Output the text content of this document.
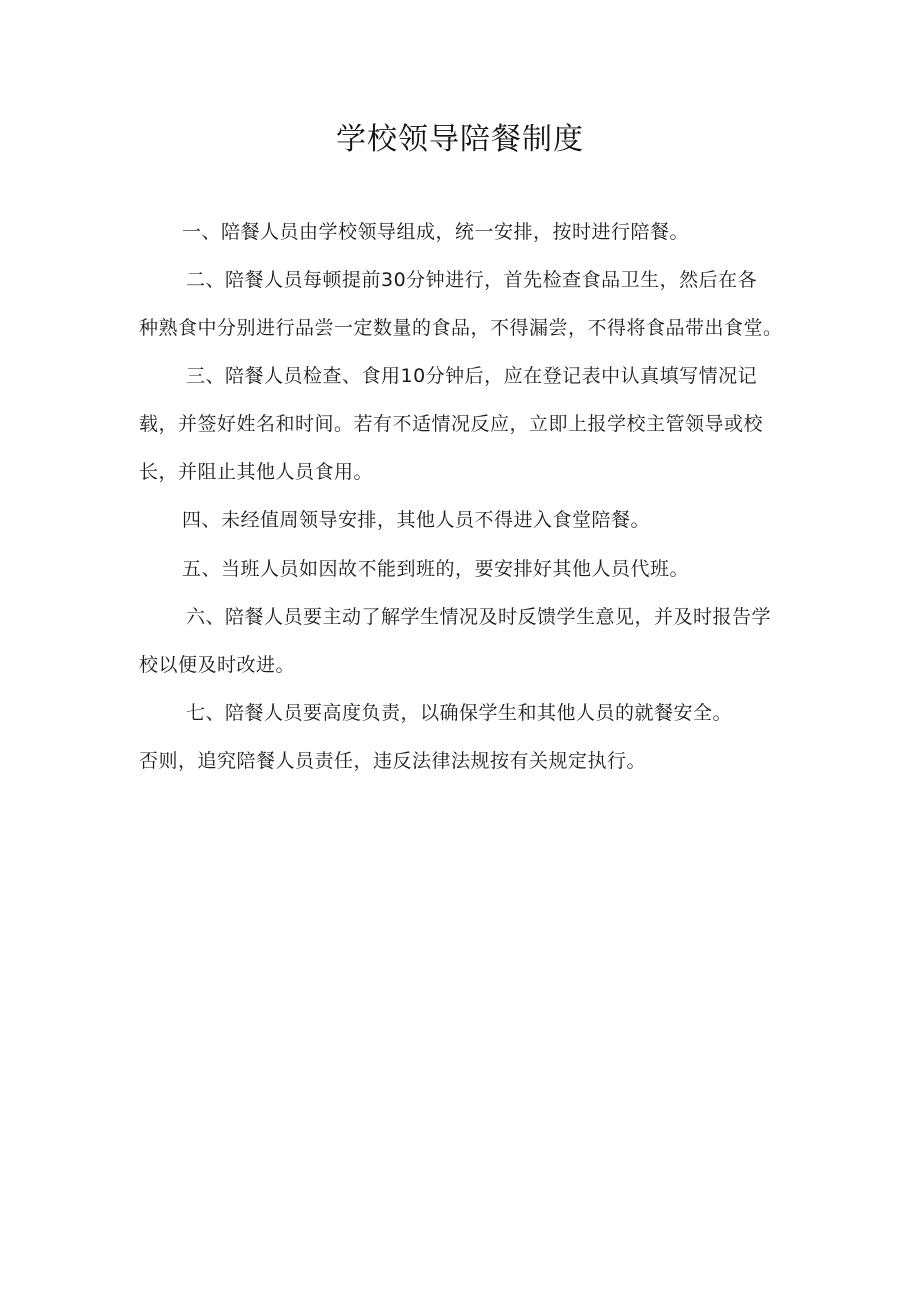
学校领导陪餐制度
一、陪餐人员由学校领导组成，统一安排，按时进行陪餐。
二、陪餐人员每顿提前30分钟进行，首先检查食品卫生，然后在各
种熟食中分别进行品尝一定数量的食品，不得漏尝，不得将食品带出食堂。
三、陪餐人员检查、食用10分钟后，应在登记表中认真填写情况记
载，并签好姓名和时间。若有不适情况反应，立即上报学校主管领导或校
长，并阻止其他人员食用。
四、未经值周领导安排，其他人员不得进入食堂陪餐。
五、当班人员如因故不能到班的，要安排好其他人员代班。
六、陪餐人员要主动了解学生情况及时反馈学生意见，并及时报告学
校以便及时改进。
七、陪餐人员要高度负责，以确保学生和其他人员的就餐安全。
否则，追究陪餐人员责任，违反法律法规按有关规定执行。
